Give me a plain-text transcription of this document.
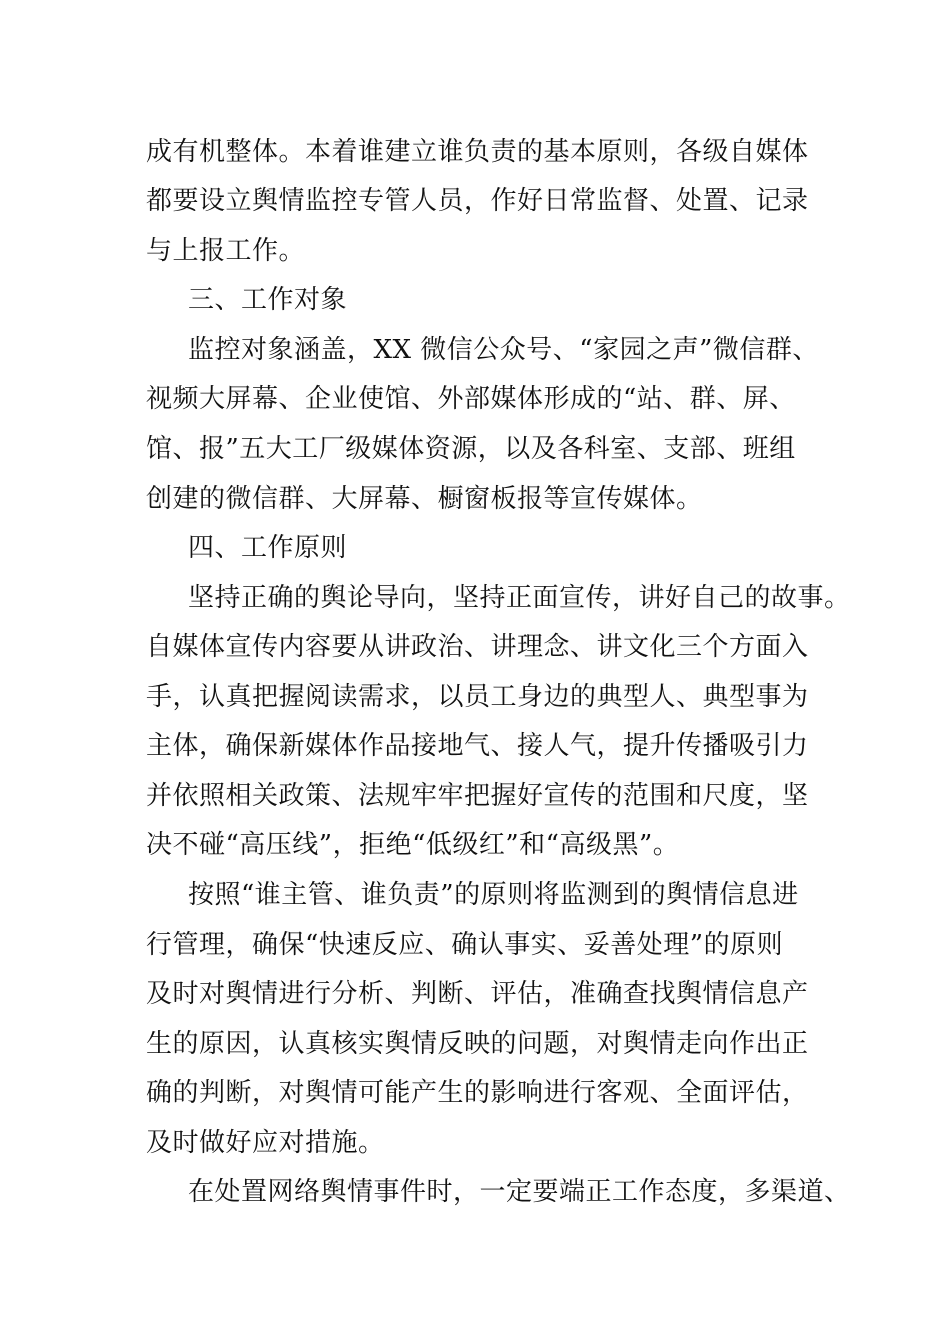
成有机整体。本着谁建立谁负责的基本原则，各级自媒体
都要设立舆情监控专管人员，作好日常监督、处置、记录
与上报工作。
三、工作对象
监控对象涵盖，XX 微信公众号、“家园之声”微信群、
视频大屏幕、企业使馆、外部媒体形成的“站、群、屏、
馆、报”五大工厂级媒体资源，以及各科室、支部、班组
创建的微信群、大屏幕、橱窗板报等宣传媒体。
四、工作原则
坚持正确的舆论导向，坚持正面宣传，讲好自己的故事。
自媒体宣传内容要从讲政治、讲理念、讲文化三个方面入
手，认真把握阅读需求，以员工身边的典型人、典型事为
主体，确保新媒体作品接地气、接人气，提升传播吸引力
并依照相关政策、法规牢牢把握好宣传的范围和尺度，坚
决不碰“高压线”，拒绝“低级红”和“高级黑”。
按照“谁主管、谁负责”的原则将监测到的舆情信息进
行管理，确保“快速反应、确认事实、妥善处理”的原则
及时对舆情进行分析、判断、评估，准确查找舆情信息产
生的原因，认真核实舆情反映的问题，对舆情走向作出正
确的判断，对舆情可能产生的影响进行客观、全面评估，
及时做好应对措施。
在处置网络舆情事件时，一定要端正工作态度，多渠道、
